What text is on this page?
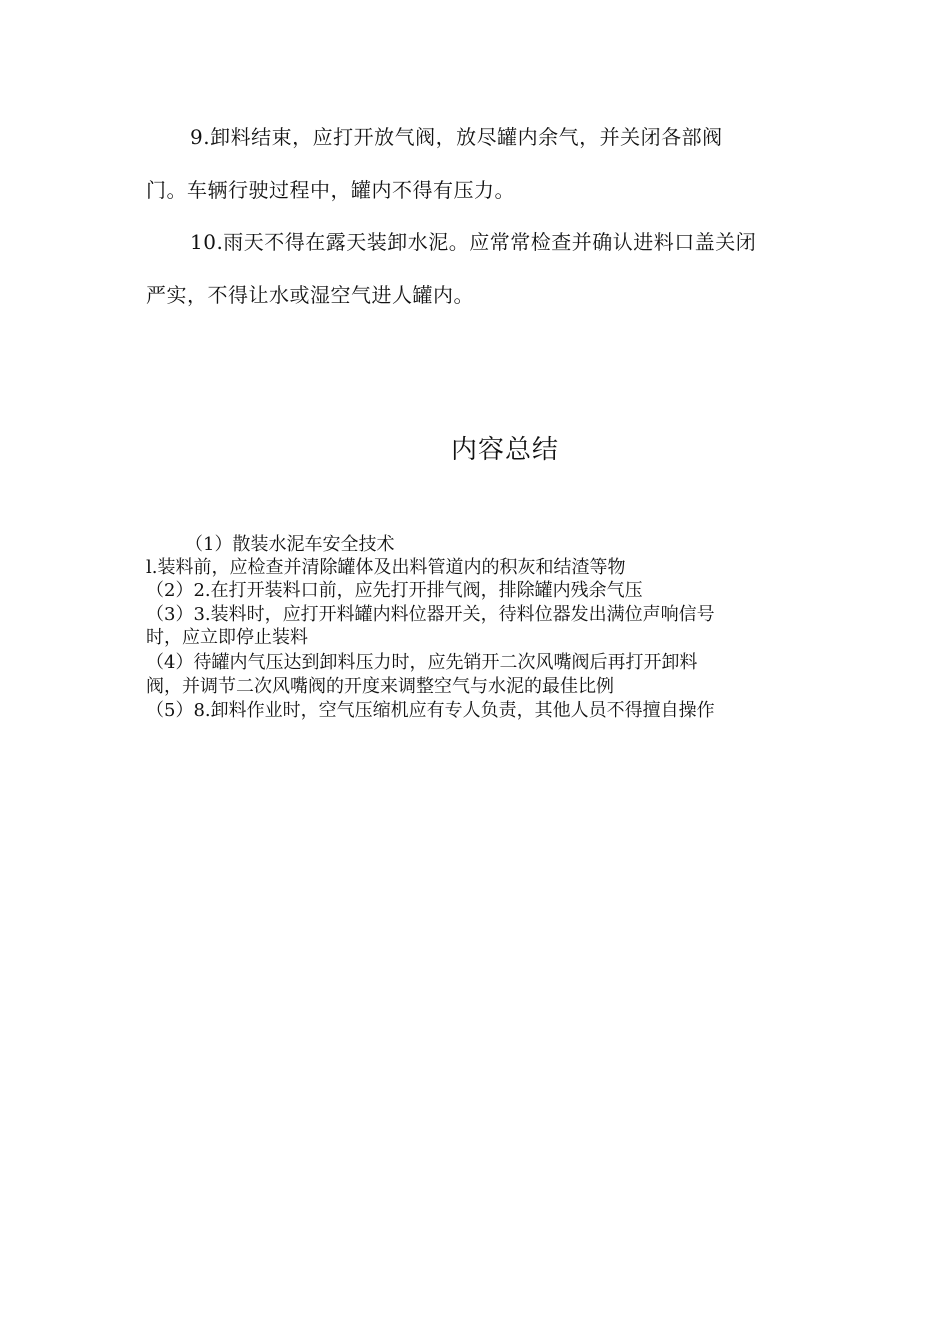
9.卸料结束，应打开放气阀，放尽罐内余气，并关闭各部阀
门。车辆行驶过程中，罐内不得有压力。
10.雨天不得在露天装卸水泥。应常常检查并确认进料口盖关闭
严实，不得让水或湿空气进人罐内。
内容总结
（1）散装水泥车安全技术
l.装料前，应检查并清除罐体及出料管道内的积灰和结渣等物
（2）2.在打开装料口前，应先打开排气阀，排除罐内残余气压
（3）3.装料时，应打开料罐内料位器开关，待料位器发出满位声响信号
时，应立即停止装料
（4）待罐内气压达到卸料压力时，应先销开二次风嘴阀后再打开卸料
阀，并调节二次风嘴阀的开度来调整空气与水泥的最佳比例
（5）8.卸料作业时，空气压缩机应有专人负责，其他人员不得擅自操作
